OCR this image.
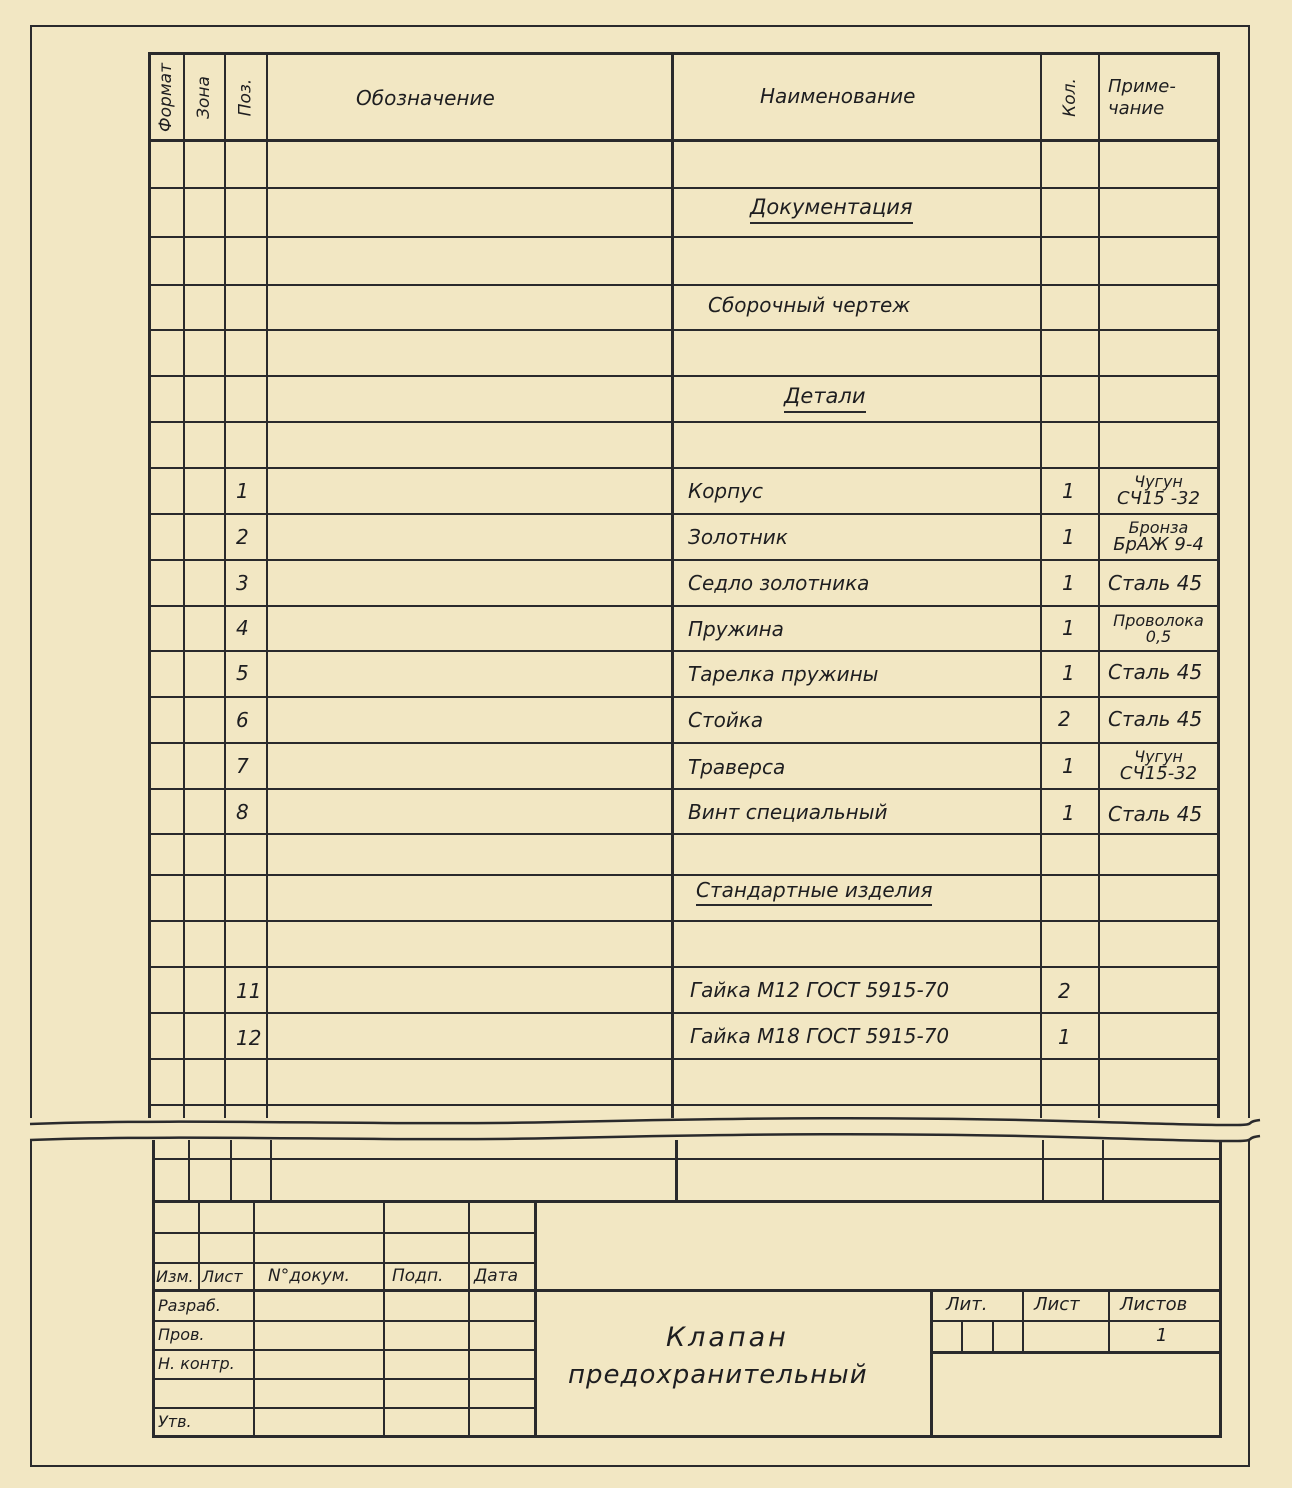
Формат Зона Поз.	Обозначение	Наименование	Кол. Приме-
чание
Документация
Сборочный чертеж
Детали
Стандартные изделия
1	Корпус	1	Чугун
СЧ15 -32
2	Золотник	1	Бронза
БрАЖ 9-4
3	Седло золотника	1 Сталь 45
4	Пружина	1 Проволока
0,5
5	Тарелка пружины	1 Сталь 45
6	Стойка	2 Сталь 45
7	Траверса	1	Чугун
СЧ15-32
8	Винт специальный	1 Сталь 45
11	Гайка М12 ГОСТ 5915-70	2
12	Гайка М18 ГОСТ 5915-70	1
Изм. Лист N°докум. Подп. Дата
Разраб.
Пров.
Н. контр.
Утв.
Клапан
предохранительный
Лит.	Лист Листов
1
